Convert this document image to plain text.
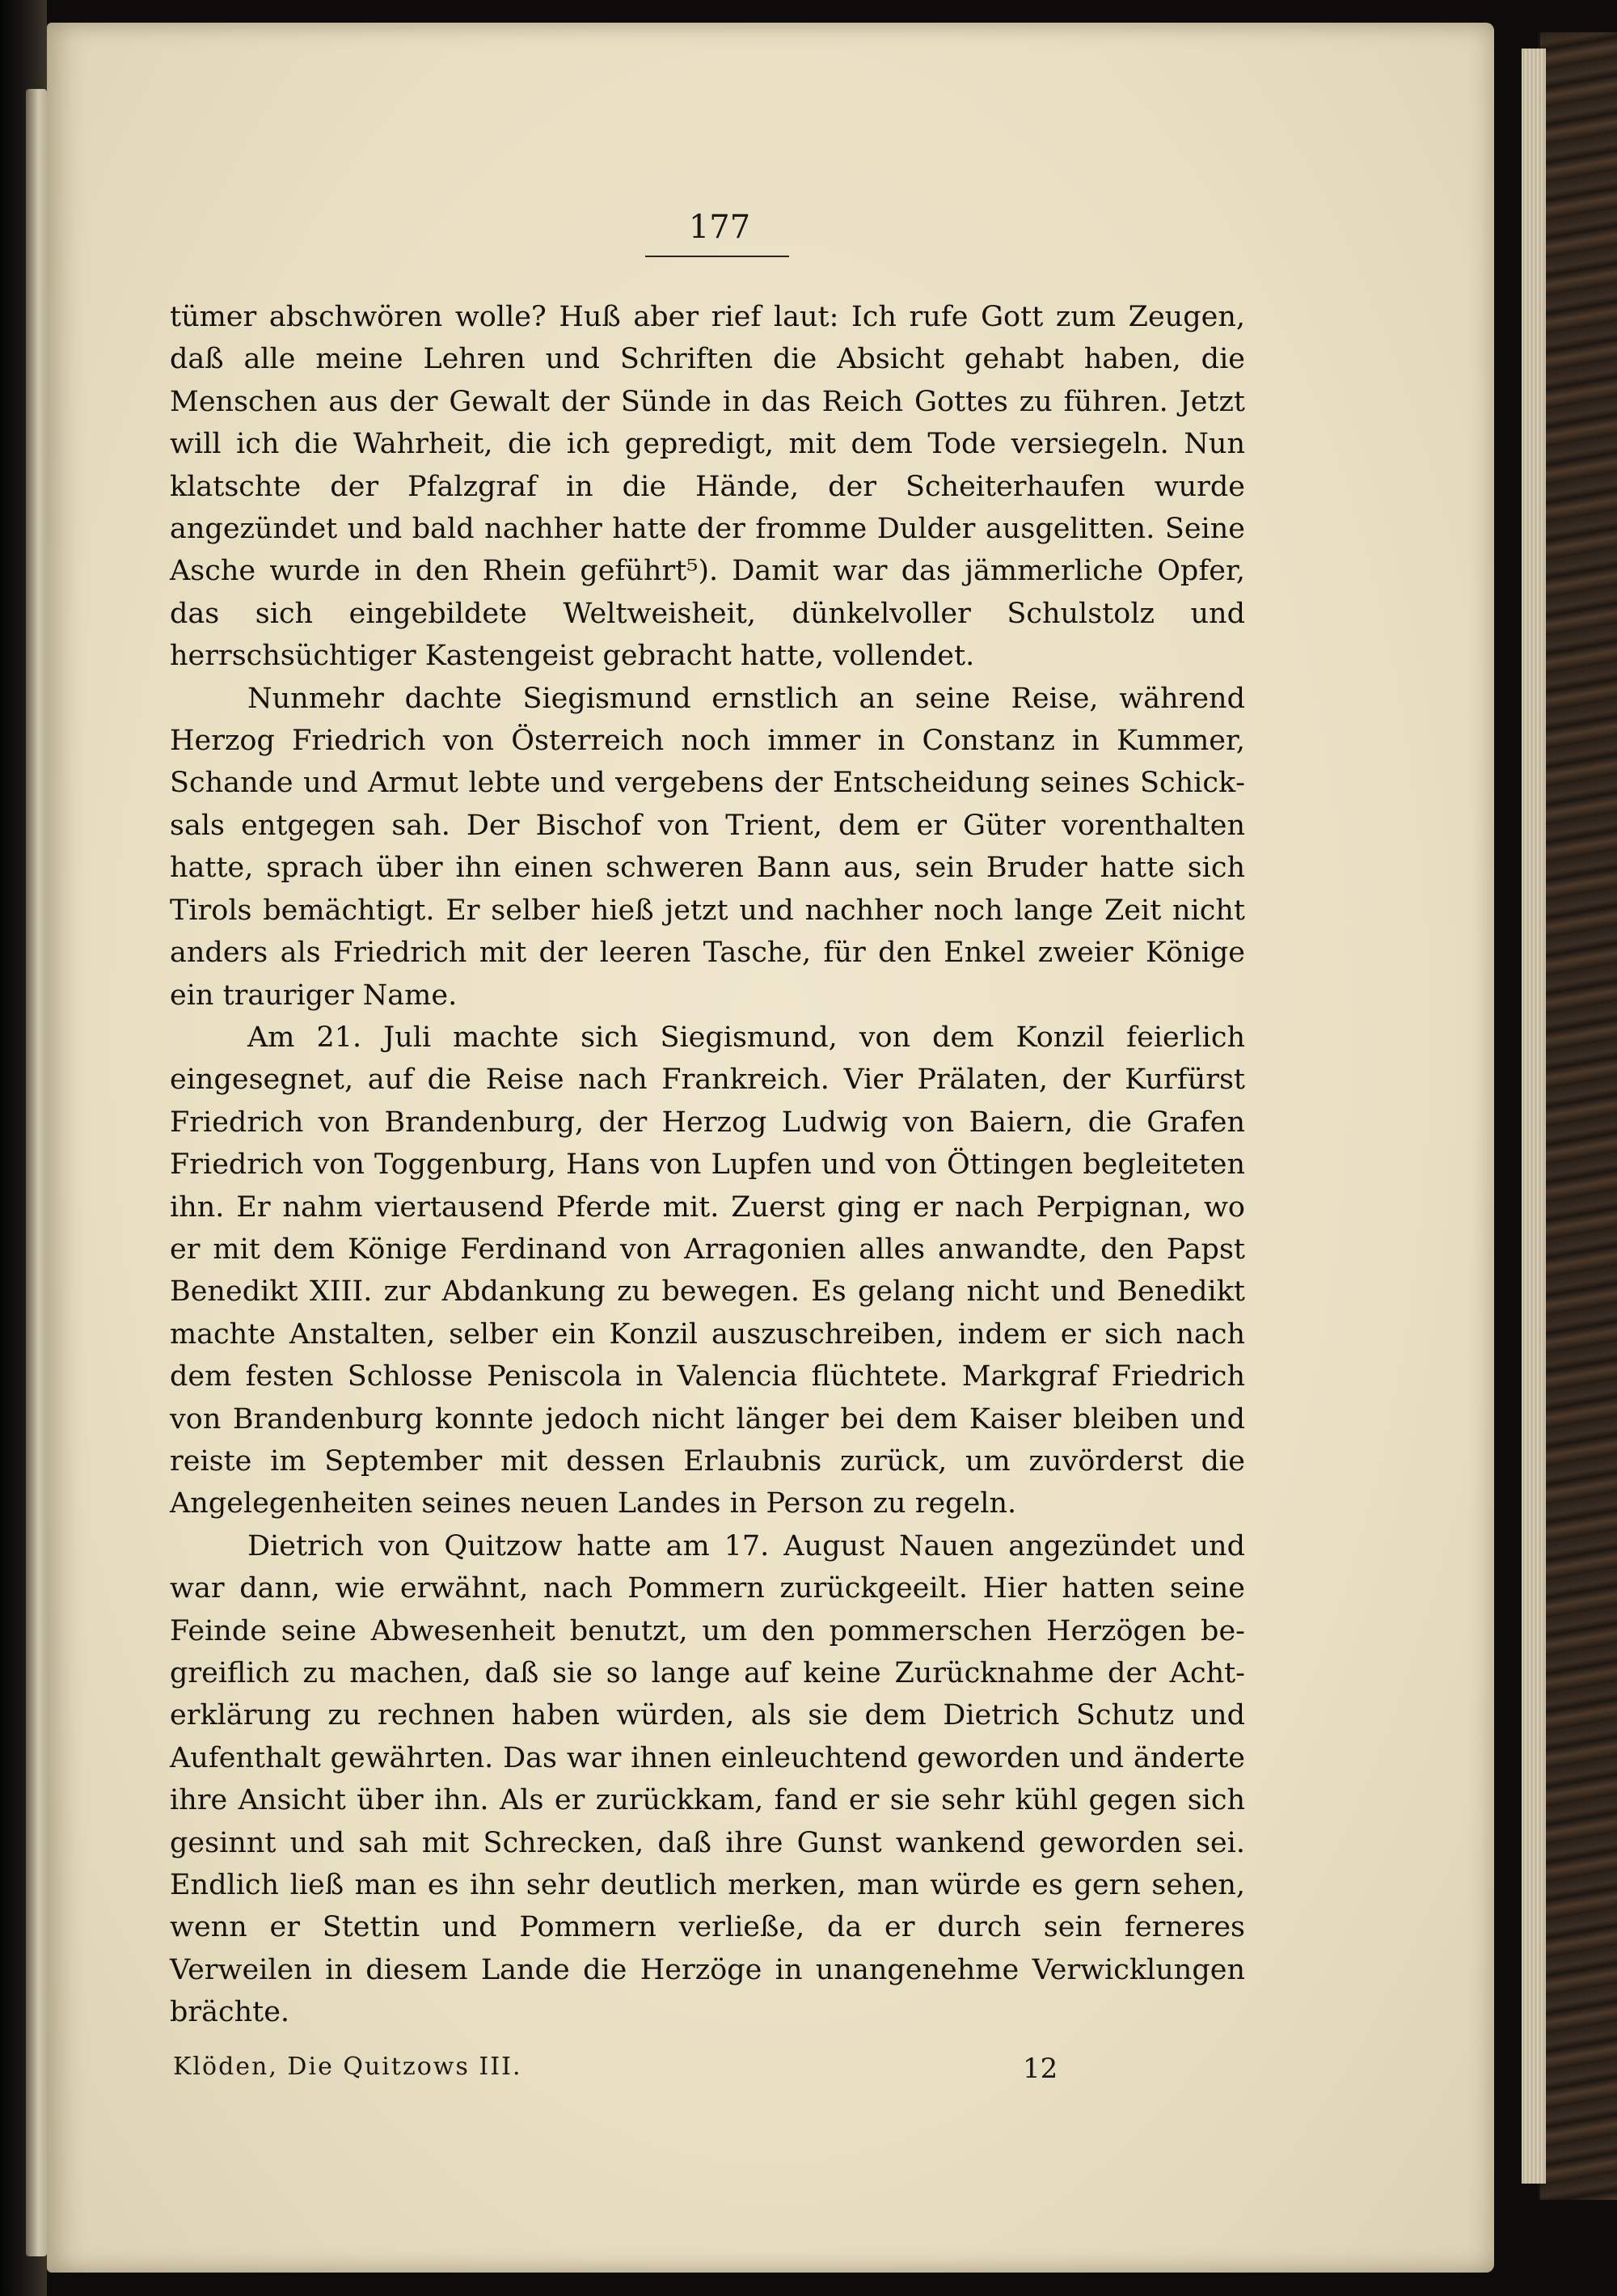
177

tümer abschwören wolle? Huß aber rief laut: Ich rufe Gott zum Zeugen, daß alle meine Lehren und Schriften die Absicht gehabt haben, die Menschen aus der Gewalt der Sünde in das Reich Gottes zu führen. Jetzt will ich die Wahrheit, die ich gepredigt, mit dem Tode versiegeln. Nun klatschte der Pfalzgraf in die Hände, der Scheiterhaufen wurde angezündet und bald nachher hatte der fromme Dulder ausgelitten. Seine Asche wurde in den Rhein geführt⁵). Damit war das jämmerliche Opfer, das sich eingebildete Weltweisheit, dünkelvoller Schulstolz und herrschsüchtiger Kastengeist gebracht hatte, vollendet.

Nunmehr dachte Siegismund ernstlich an seine Reise, während Herzog Friedrich von Österreich noch immer in Constanz in Kummer, Schande und Armut lebte und vergebens der Entscheidung seines Schicksals entgegen sah. Der Bischof von Trient, dem er Güter vorenthalten hatte, sprach über ihn einen schweren Bann aus, sein Bruder hatte sich Tirols bemächtigt. Er selber hieß jetzt und nachher noch lange Zeit nicht anders als Friedrich mit der leeren Tasche, für den Enkel zweier Könige ein trauriger Name.

Am 21. Juli machte sich Siegismund, von dem Konzil feierlich eingesegnet, auf die Reise nach Frankreich. Vier Prälaten, der Kurfürst Friedrich von Brandenburg, der Herzog Ludwig von Baiern, die Grafen Friedrich von Toggenburg, Hans von Lupfen und von Öttingen begleiteten ihn. Er nahm viertausend Pferde mit. Zuerst ging er nach Perpignan, wo er mit dem Könige Ferdinand von Arragonien alles anwandte, den Papst Benedikt XIII. zur Abdankung zu bewegen. Es gelang nicht und Benedikt machte Anstalten, selber ein Konzil auszuschreiben, indem er sich nach dem festen Schlosse Peniscola in Valencia flüchtete. Markgraf Friedrich von Brandenburg konnte jedoch nicht länger bei dem Kaiser bleiben und reiste im September mit dessen Erlaubnis zurück, um zuvörderst die Angelegenheiten seines neuen Landes in Person zu regeln.

Dietrich von Quitzow hatte am 17. August Nauen angezündet und war dann, wie erwähnt, nach Pommern zurückgeeilt. Hier hatten seine Feinde seine Abwesenheit benutzt, um den pommerschen Herzögen begreiflich zu machen, daß sie so lange auf keine Zurücknahme der Achterklärung zu rechnen haben würden, als sie dem Dietrich Schutz und Aufenthalt gewährten. Das war ihnen einleuchtend geworden und änderte ihre Ansicht über ihn. Als er zurückkam, fand er sie sehr kühl gegen sich gesinnt und sah mit Schrecken, daß ihre Gunst wankend geworden sei. Endlich ließ man es ihn sehr deutlich merken, man würde es gern sehen, wenn er Stettin und Pommern verließe, da er durch sein ferneres Verweilen in diesem Lande die Herzöge in unangenehme Verwicklungen brächte.

Klöden, Die Quitzows III.	12
